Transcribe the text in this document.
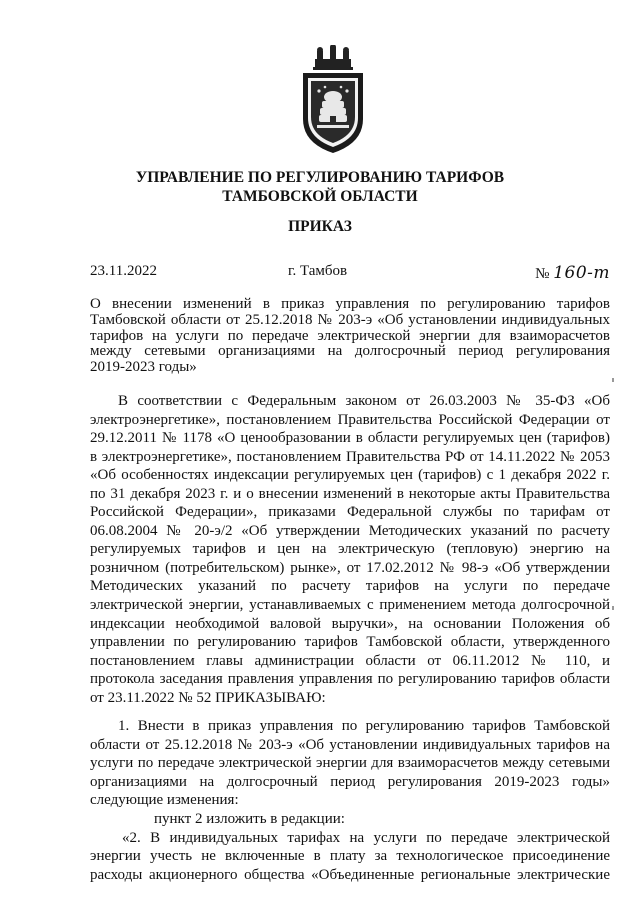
УПРАВЛЕНИЕ ПО РЕГУЛИРОВАНИЮ ТАРИФОВ
ТАМБОВСКОЙ ОБЛАСТИ
ПРИКАЗ
23.11.2022	г. Тамбов	№ 160-т
О внесении изменений в приказ управления по регулированию тарифов
Тамбовской области от 25.12.2018 № 203-э «Об установлении индивидуальных
тарифов на услуги по передаче электрической энергии для взаиморасчетов
между сетевыми организациями на долгосрочный период регулирования
2019-2023 годы»
В соответствии с Федеральным законом от 26.03.2003 № 35-ФЗ «Об
электроэнергетике», постановлением Правительства Российской Федерации от
29.12.2011 № 1178 «О ценообразовании в области регулируемых цен (тарифов)
в электроэнергетике», постановлением Правительства РФ от 14.11.2022 № 2053
«Об особенностях индексации регулируемых цен (тарифов) с 1 декабря 2022 г.
по 31 декабря 2023 г. и о внесении изменений в некоторые акты Правительства
Российской Федерации», приказами Федеральной службы по тарифам от
06.08.2004 № 20-э/2 «Об утверждении Методических указаний по расчету
регулируемых тарифов и цен на электрическую (тепловую) энергию на
розничном (потребительском) рынке», от 17.02.2012 № 98-э «Об утверждении
Методических указаний по расчету тарифов на услуги по передаче
электрической энергии, устанавливаемых с применением метода долгосрочной
индексации необходимой валовой выручки», на основании Положения об
управлении по регулированию тарифов Тамбовской области, утвержденного
постановлением главы администрации области от 06.11.2012 № 110, и
протокола заседания правления управления по регулированию тарифов области
от 23.11.2022 № 52 ПРИКАЗЫВАЮ:
1. Внести в приказ управления по регулированию тарифов Тамбовской
области от 25.12.2018 № 203-э «Об установлении индивидуальных тарифов на
услуги по передаче электрической энергии для взаиморасчетов между сетевыми
организациями на долгосрочный период регулирования 2019-2023 годы»
следующие изменения:
пункт 2 изложить в редакции:
«2. В индивидуальных тарифах на услуги по передаче электрической
энергии учесть не включенные в плату за технологическое присоединение
расходы акционерного общества «Объединенные региональные электрические
